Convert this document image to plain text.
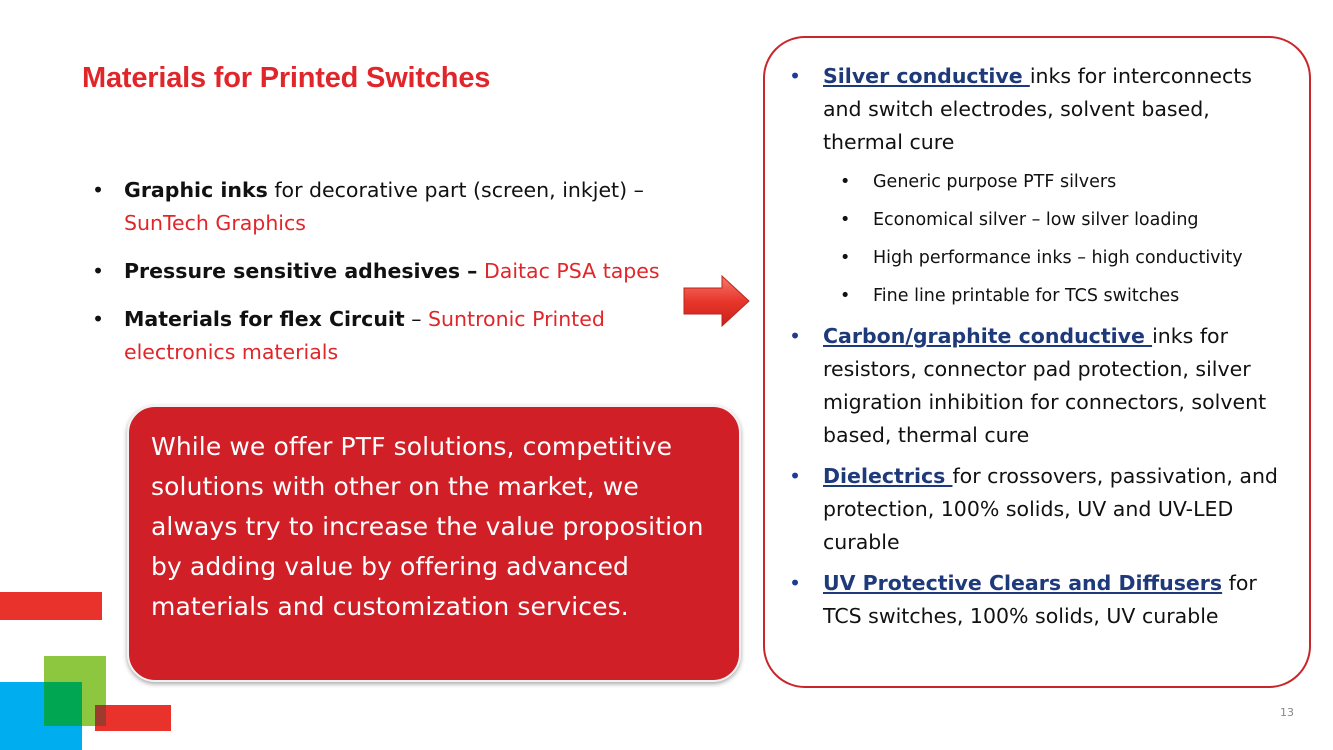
Materials for Printed Switches
• Graphic inks for decorative part (screen, inkjet) – SunTech Graphics
• Pressure sensitive adhesives – Daitac PSA tapes
• Materials for flex Circuit – Suntronic Printed electronics materials

While we offer PTF solutions, competitive solutions with other on the market, we always try to increase the value proposition by adding value by offering advanced materials and customization services.

• Silver conductive inks for interconnects and switch electrodes, solvent based, thermal cure
• Generic purpose PTF silvers
• Economical silver – low silver loading
• High performance inks – high conductivity
• Fine line printable for TCS switches
• Carbon/graphite conductive inks for resistors, connector pad protection, silver migration inhibition for connectors, solvent based, thermal cure
• Dielectrics for crossovers, passivation, and protection, 100% solids, UV and UV-LED curable
• UV Protective Clears and Diffusers for TCS switches, 100% solids, UV curable
13
